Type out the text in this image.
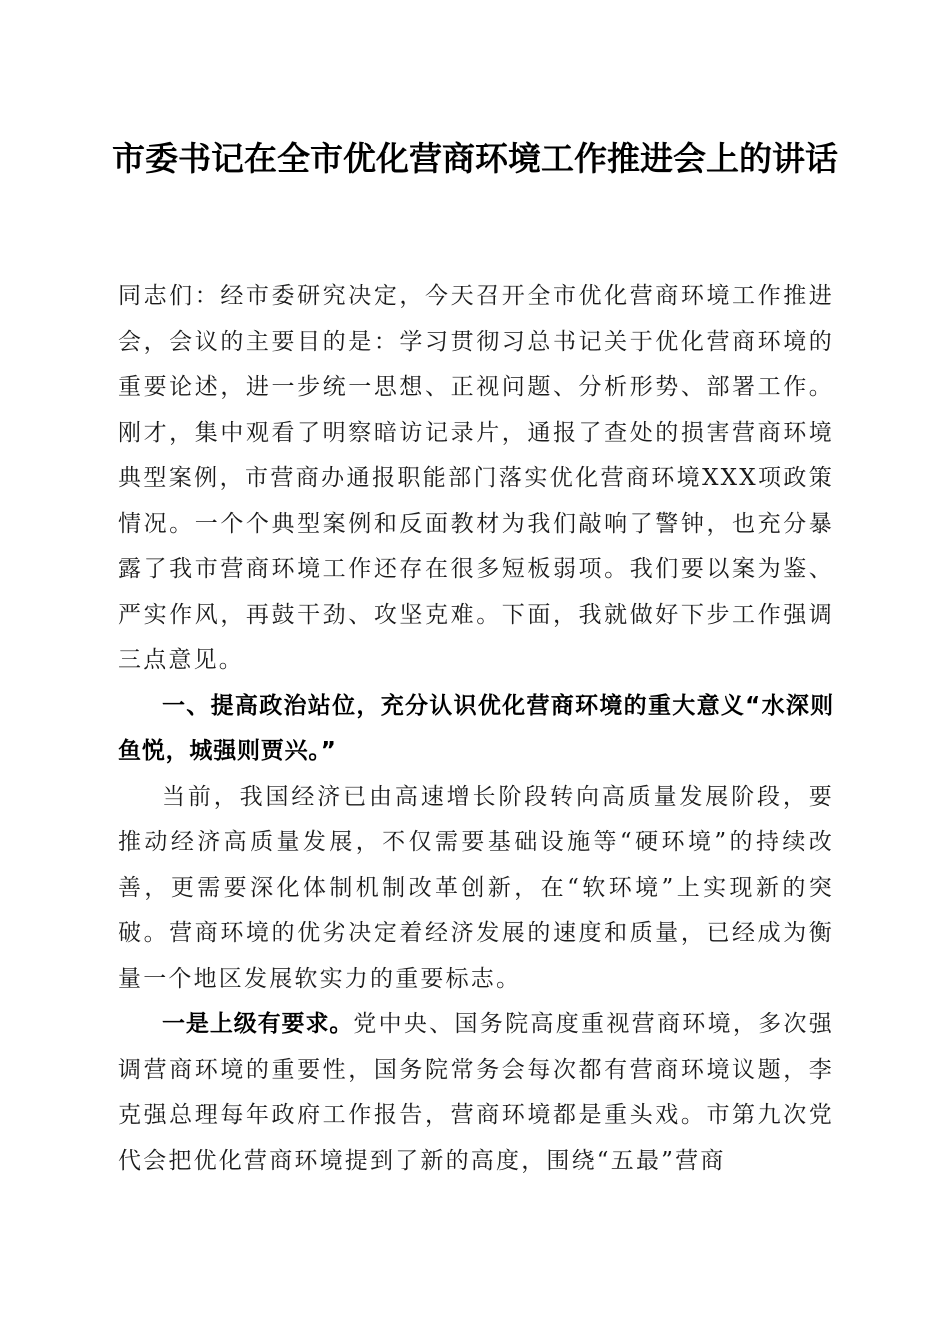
市委书记在全市优化营商环境工作推进会上的讲话

同志们：经市委研究决定，今天召开全市优化营商环境工作推进会，会议的主要目的是：学习贯彻习总书记关于优化营商环境的重要论述，进一步统一思想、正视问题、分析形势、部署工作。刚才，集中观看了明察暗访记录片，通报了查处的损害营商环境典型案例，市营商办通报职能部门落实优化营商环境XXX项政策情况。一个个典型案例和反面教材为我们敲响了警钟，也充分暴露了我市营商环境工作还存在很多短板弱项。我们要以案为鉴、严实作风，再鼓干劲、攻坚克难。下面，我就做好下步工作强调三点意见。

一、提高政治站位，充分认识优化营商环境的重大意义“水深则鱼悦，城强则贾兴。”

当前，我国经济已由高速增长阶段转向高质量发展阶段，要推动经济高质量发展，不仅需要基础设施等“硬环境”的持续改善，更需要深化体制机制改革创新，在“软环境”上实现新的突破。营商环境的优劣决定着经济发展的速度和质量，已经成为衡量一个地区发展软实力的重要标志。

一是上级有要求。党中央、国务院高度重视营商环境，多次强调营商环境的重要性，国务院常务会每次都有营商环境议题，李克强总理每年政府工作报告，营商环境都是重头戏。市第九次党代会把优化营商环境提到了新的高度，围绕“五最”营商
